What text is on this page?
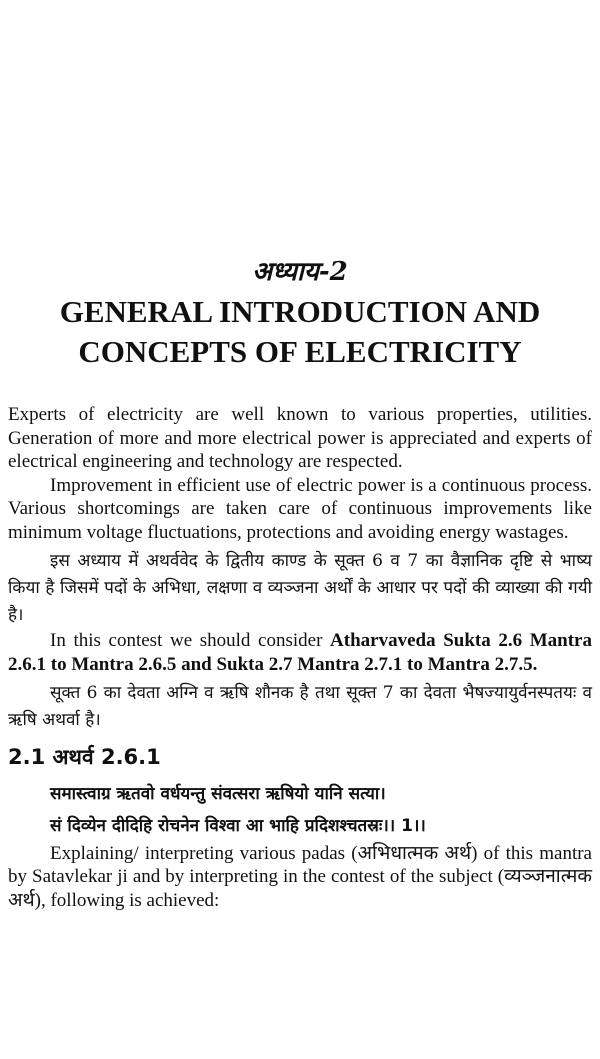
अध्याय-2
GENERAL INTRODUCTION AND
CONCEPTS OF ELECTRICITY

Experts of electricity are well known to various properties, utilities. Generation of more and more electrical power is appreciated and experts of electrical engineering and technology are respected.

Improvement in efficient use of electric power is a continuous process. Various shortcomings are taken care of continuous improvements like minimum voltage fluctuations, protections and avoiding energy wastages.

इस अध्याय में अथर्ववेद के द्वितीय काण्ड के सूक्त 6 व 7 का वैज्ञानिक दृष्टि से भाष्य किया है जिसमें पदों के अभिधा, लक्षणा व व्यञ्जना अर्थों के आधार पर पदों की व्याख्या की गयी है।

In this contest we should consider Atharvaveda Sukta 2.6 Mantra 2.6.1 to Mantra 2.6.5 and Sukta 2.7 Mantra 2.7.1 to Mantra 2.7.5.

सूक्त 6 का देवता अग्नि व ऋषि शौनक है तथा सूक्त 7 का देवता भैषज्यायुर्वनस्पतयः व ऋषि अथर्वा है।

2.1 अथर्व 2.6.1
समास्त्वाग्र ऋतवो वर्धयन्तु संवत्सरा ऋषियो यानि सत्या।
सं दिव्येन दीदिहि रोचनेन विश्वा आ भाहि प्रदिशश्चतस्रः।। 1।।

Explaining/ interpreting various padas (अभिधात्मक अर्थ) of this mantra by Satavlekar ji and by interpreting in the contest of the subject (व्यञ्जनात्मक अर्थ), following is achieved:
